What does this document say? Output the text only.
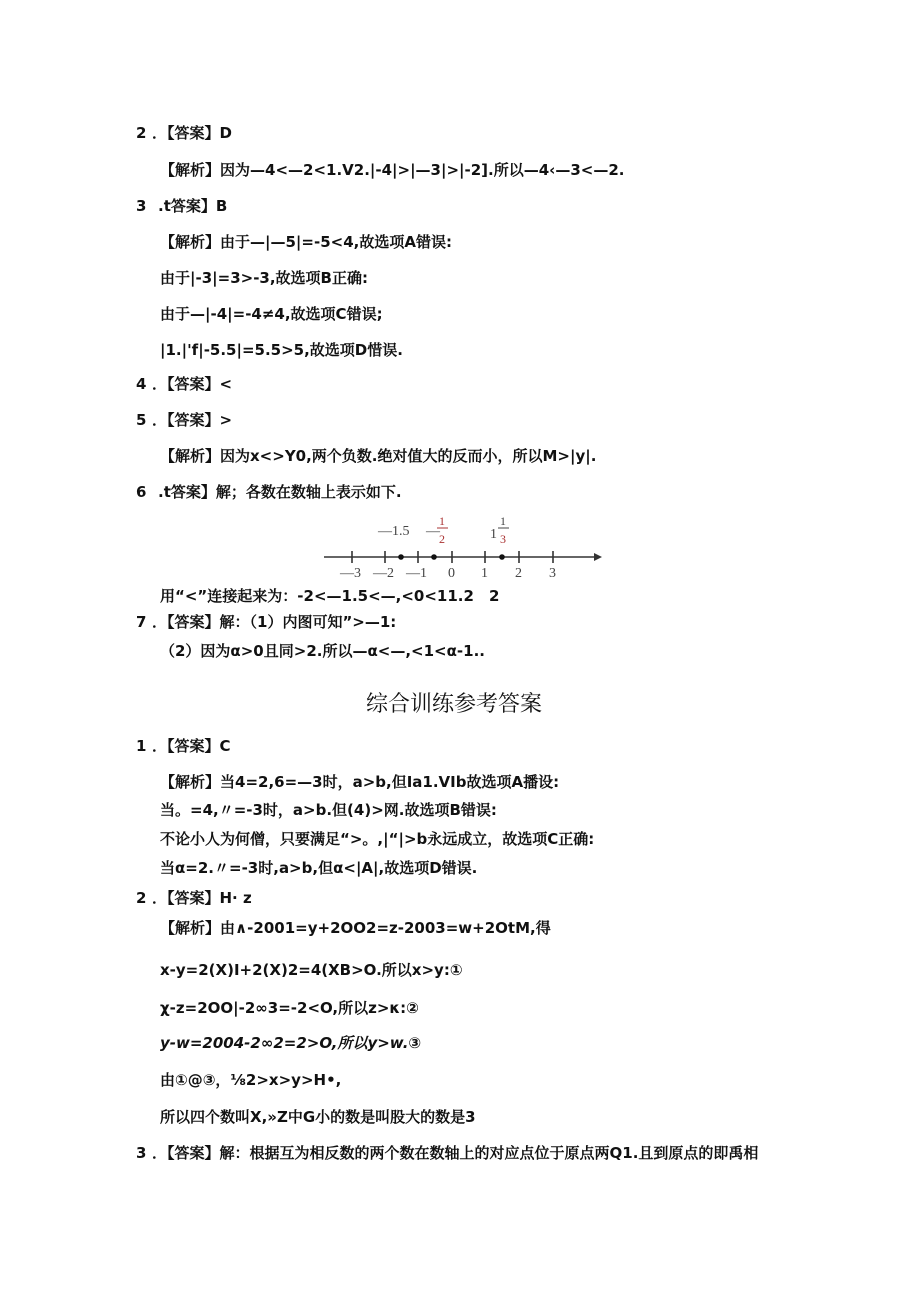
2 ．【答案】D
【解析】因为—4<—2<1.V2.|-4|>|—3|>|-2].所以—4‹—3<—2.
3 .t答案】B
【解析】由于—|—5|=-5<4,故选项A错误:
由于|-3|=3>-3,故选项B正确:
由于—|-4|=-4≠4,故选项C错误;
|1.|'f|-5.5|=5.5>5,故选项D惜误.
4 ．【答案】<
5 ．【答案】>
【解析】因为x<>Y0,两个负数.绝对值大的反而小，所以M>|y|.
6 .t答案】解；各数在数轴上表示如下.
—3 —2 —1 0 1 2 3
—1.5 —
1
2	1
1
3
用“<”连接起来为：-2<—1.5<—,<0<11.2　2
7 ．【答案】解：（1）内图可知”>—1:
（2）因为α>0且同>2.所以—α<—,<1<α-1..
综合训练参考答案
1 ．【答案】C
【解析】当4=2,6=—3时，a>b,但Ia1.VIb故选项A播设:
当。=4,〃=-3时，a>b.但(4)>网.故选项B错误:
不论小人为何僧，只要满足“>。,|“|>b永远成立，故选项C正确:
当α=2.〃=-3时,a>b,但α<|A|,故选项D错误.
2 ．【答案】H· z
【解析】由∧-2001=y+2OO2=z-2003=w+2OtM,得
x-y=2(X)I+2(X)2=4(XB>O.所以x>y:①
χ-z=2OO|-2∞3=-2<O,所以z>κ:②
y-w=2004-2∞2=2>O,所以y>w.③
由①@③，⅛2>x>y>H•,
所以四个数叫X,»Z中G小的数是叫股大的数是3
3 ．【答案】解：根据互为相反数的两个数在数轴上的对应点位于原点两Q1.且到原点的即禹相
